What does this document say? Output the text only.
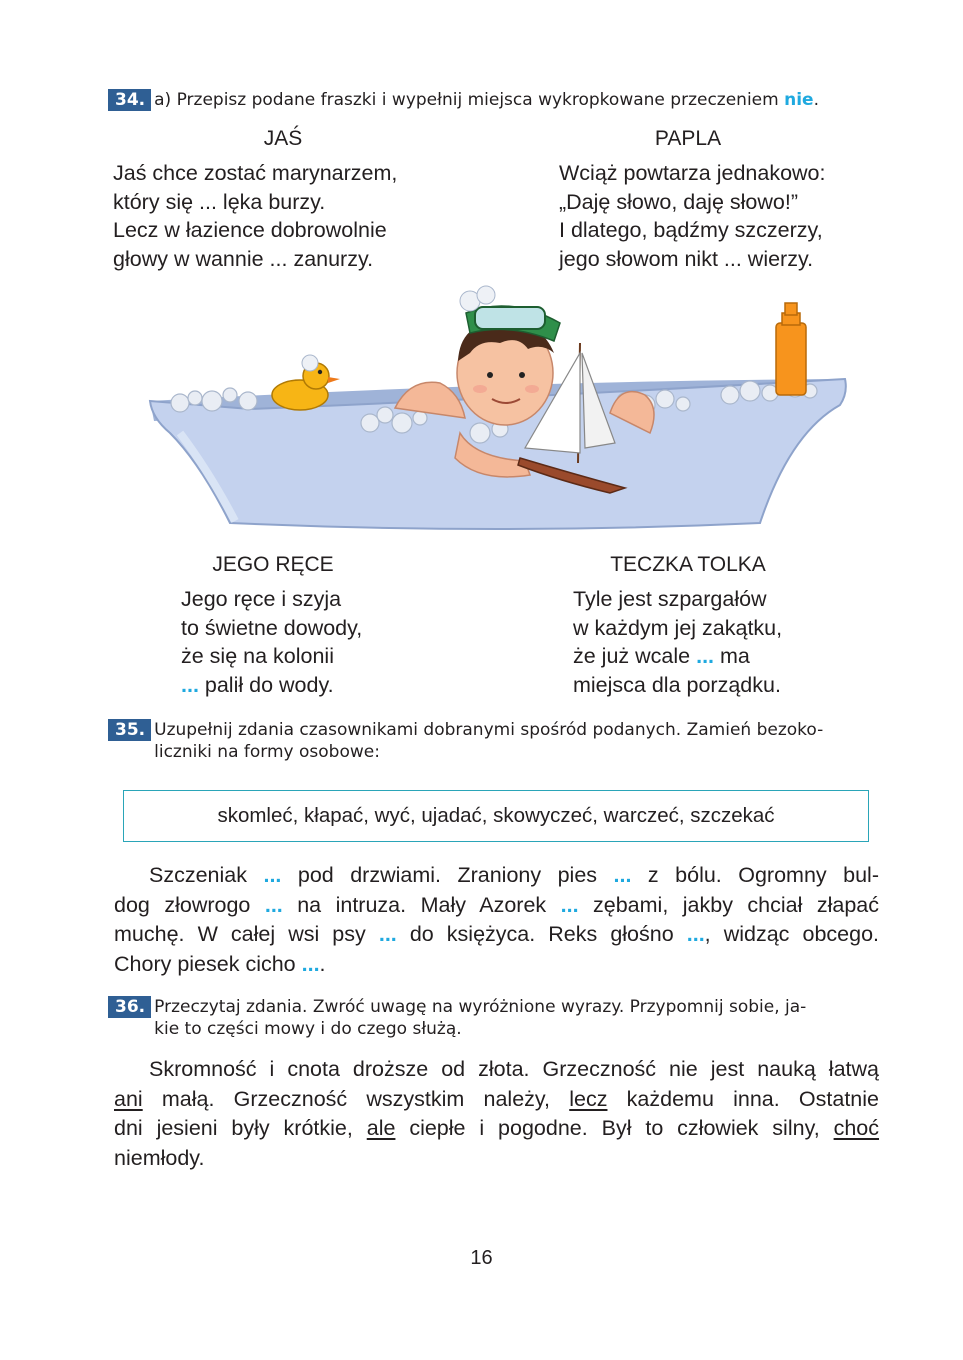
34. a) Przepisz podane fraszki i wypełnij miejsca wykropkowane przeczeniem nie.
JAŚ
Jaś chce zostać marynarzem,
który się ... lęka burzy.
Lecz w łazience dobrowolnie
głowy w wannie ... zanurzy.
PAPLA
Wciąż powtarza jednakowo:
„Daję słowo, daję słowo!”
I dlatego, bądźmy szczerzy,
jego słowom nikt ... wierzy.
JEGO RĘCE
Jego ręce i szyja
to świetne dowody,
że się na kolonii
... palił do wody.
TECZKA TOLKA
Tyle jest szpargałów
w każdym jej zakątku,
że już wcale ... ma
miejsca dla porządku.
35. Uzupełnij zdania czasownikami dobranymi spośród podanych. Zamień bezoko-
liczniki na formy osobowe:
skomleć, kłapać, wyć, ujadać, skowyczeć, warczeć, szczekać
Szczeniak ... pod drzwiami. Zraniony pies ... z bólu. Ogromny bul-
dog złowrogo ... na intruza. Mały Azorek ... zębami, jakby chciał złapać
muchę. W całej wsi psy ... do księżyca. Reks głośno ..., widząc obcego.
Chory piesek cicho ....
36. Przeczytaj zdania. Zwróć uwagę na wyróżnione wyrazy. Przypomnij sobie, ja-
kie to części mowy i do czego służą.
Skromność i cnota droższe od złota. Grzeczność nie jest nauką łatwą
ani małą. Grzeczność wszystkim należy, lecz każdemu inna. Ostatnie
dni jesieni były krótkie, ale ciepłe i pogodne. Był to człowiek silny, choć
niemłody.
16
